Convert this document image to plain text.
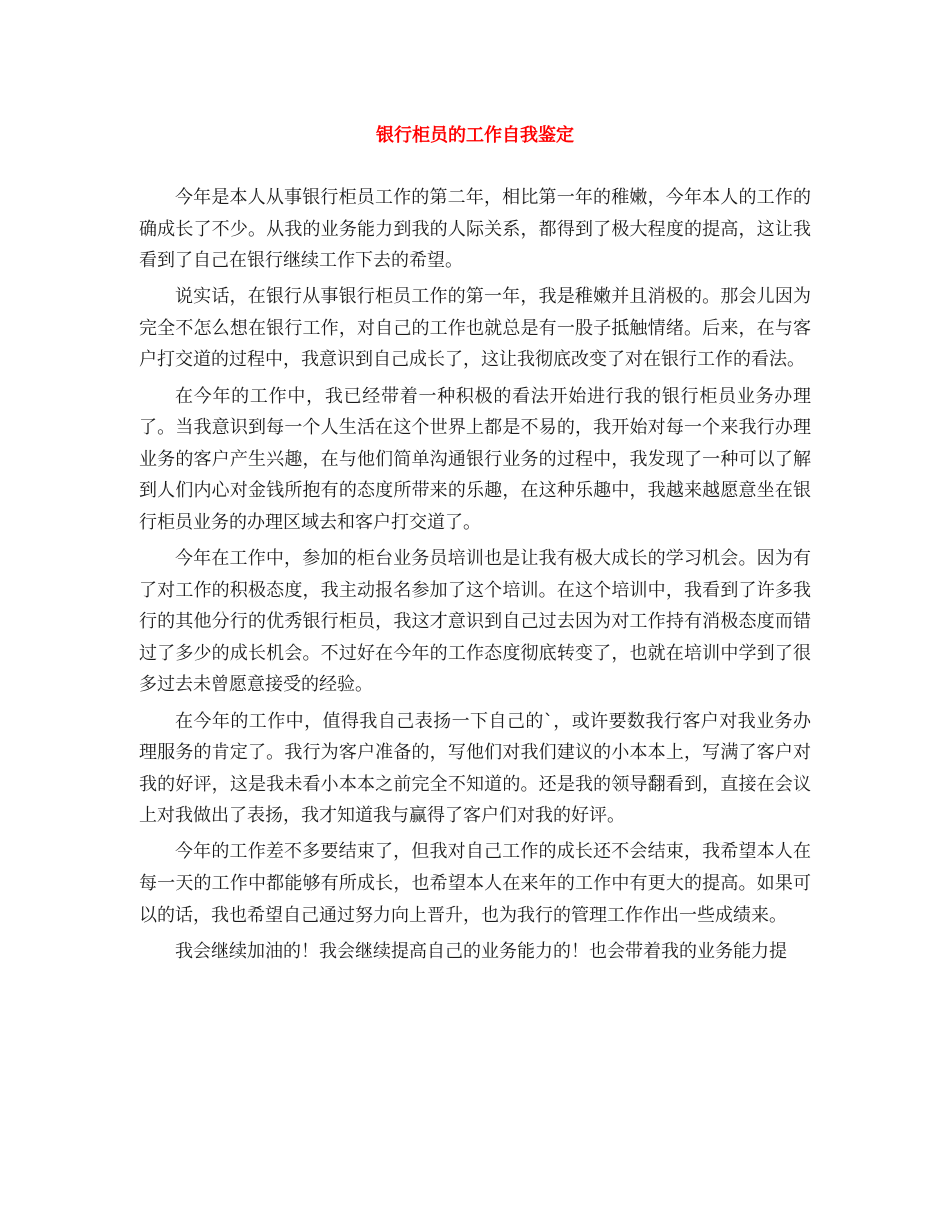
银行柜员的工作自我鉴定

今年是本人从事银行柜员工作的第二年，相比第一年的稚嫩，今年本人的工作的确成长了不少。从我的业务能力到我的人际关系，都得到了极大程度的提高，这让我看到了自己在银行继续工作下去的希望。

说实话，在银行从事银行柜员工作的第一年，我是稚嫩并且消极的。那会儿因为完全不怎么想在银行工作，对自己的工作也就总是有一股子抵触情绪。后来，在与客户打交道的过程中，我意识到自己成长了，这让我彻底改变了对在银行工作的看法。

在今年的工作中，我已经带着一种积极的看法开始进行我的银行柜员业务办理了。当我意识到每一个人生活在这个世界上都是不易的，我开始对每一个来我行办理业务的客户产生兴趣，在与他们简单沟通银行业务的过程中，我发现了一种可以了解到人们内心对金钱所抱有的态度所带来的乐趣，在这种乐趣中，我越来越愿意坐在银行柜员业务的办理区域去和客户打交道了。

今年在工作中，参加的柜台业务员培训也是让我有极大成长的学习机会。因为有了对工作的积极态度，我主动报名参加了这个培训。在这个培训中，我看到了许多我行的其他分行的优秀银行柜员，我这才意识到自己过去因为对工作持有消极态度而错过了多少的成长机会。不过好在今年的工作态度彻底转变了，也就在培训中学到了很多过去未曾愿意接受的经验。

在今年的工作中，值得我自己表扬一下自己的`，或许要数我行客户对我业务办理服务的肯定了。我行为客户准备的，写他们对我们建议的小本本上，写满了客户对我的好评，这是我未看小本本之前完全不知道的。还是我的领导翻看到，直接在会议上对我做出了表扬，我才知道我与赢得了客户们对我的好评。

今年的工作差不多要结束了，但我对自己工作的成长还不会结束，我希望本人在每一天的工作中都能够有所成长，也希望本人在来年的工作中有更大的提高。如果可以的话，我也希望自己通过努力向上晋升，也为我行的管理工作作出一些成绩来。

我会继续加油的！我会继续提高自己的业务能力的！也会带着我的业务能力提
